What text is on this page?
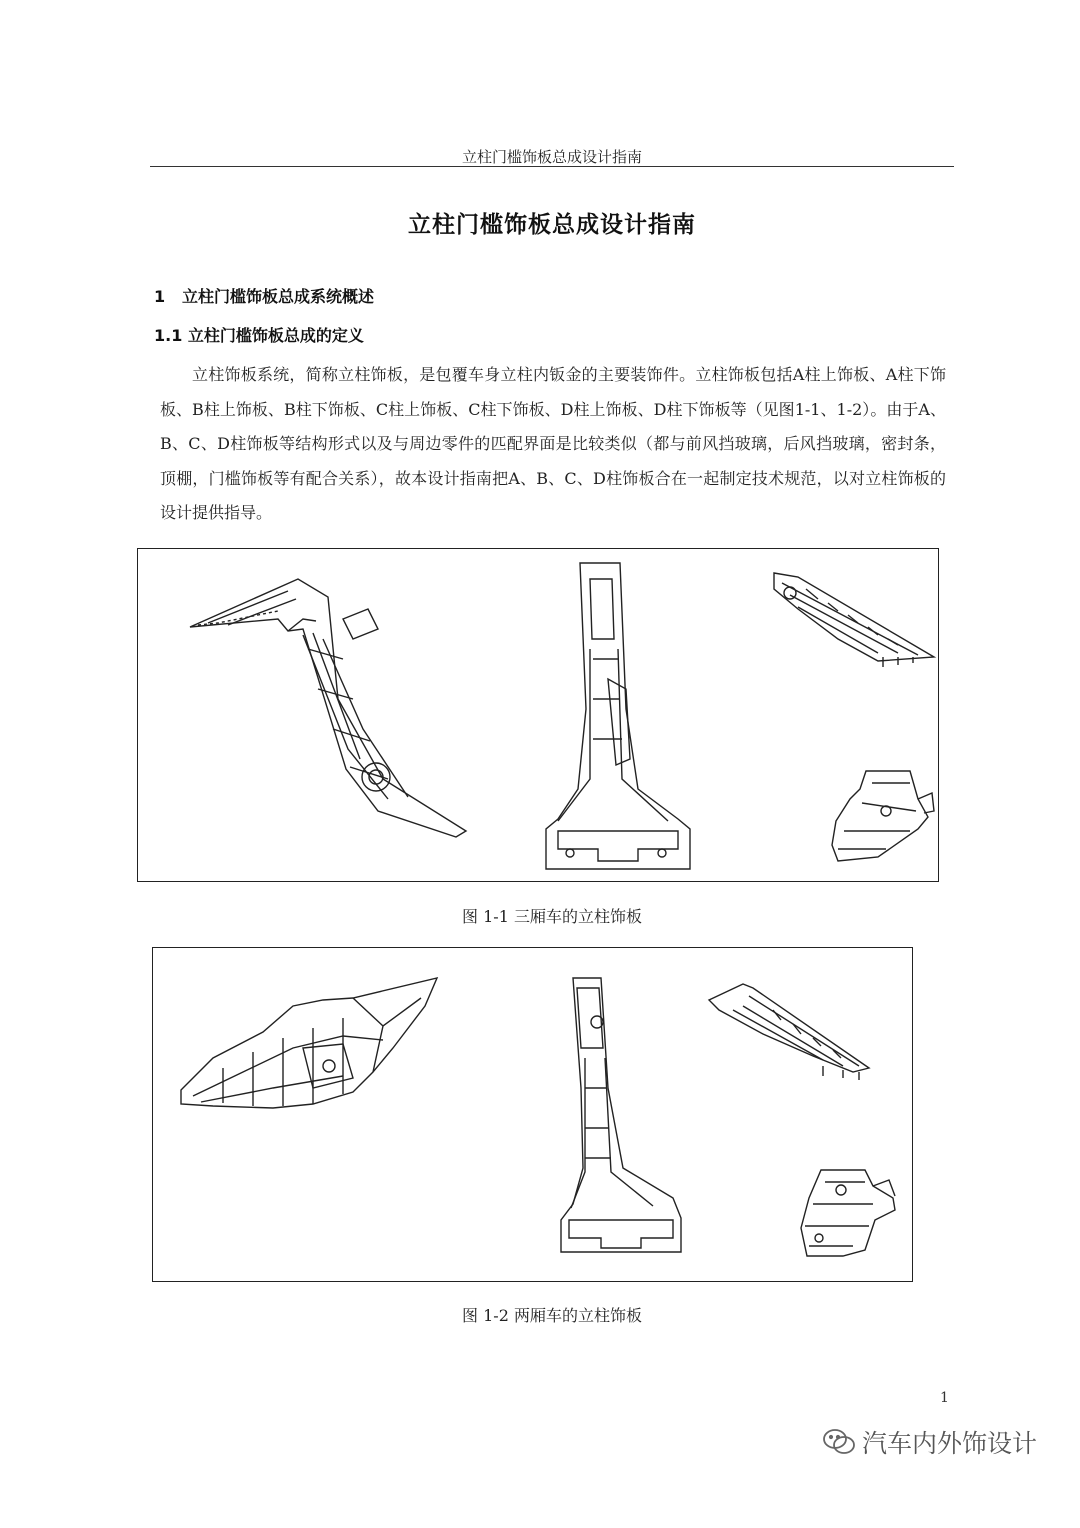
立柱门槛饰板总成设计指南
立柱门槛饰板总成设计指南
1 立柱门槛饰板总成系统概述
1.1 立柱门槛饰板总成的定义

立柱饰板系统，简称立柱饰板，是包覆车身立柱内钣金的主要装饰件。立柱饰板包括A柱上饰板、A柱下饰板、B柱上饰板、B柱下饰板、C柱上饰板、C柱下饰板、D柱上饰板、D柱下饰板等（见图1-1、1-2）。由于A、B、C、D柱饰板等结构形式以及与周边零件的匹配界面是比较类似（都与前风挡玻璃，后风挡玻璃，密封条，顶棚，门槛饰板等有配合关系），故本设计指南把A、B、C、D柱饰板合在一起制定技术规范，以对立柱饰板的设计提供指导。

图 1-1 三厢车的立柱饰板
图 1-2 两厢车的立柱饰板
1
汽车内外饰设计
